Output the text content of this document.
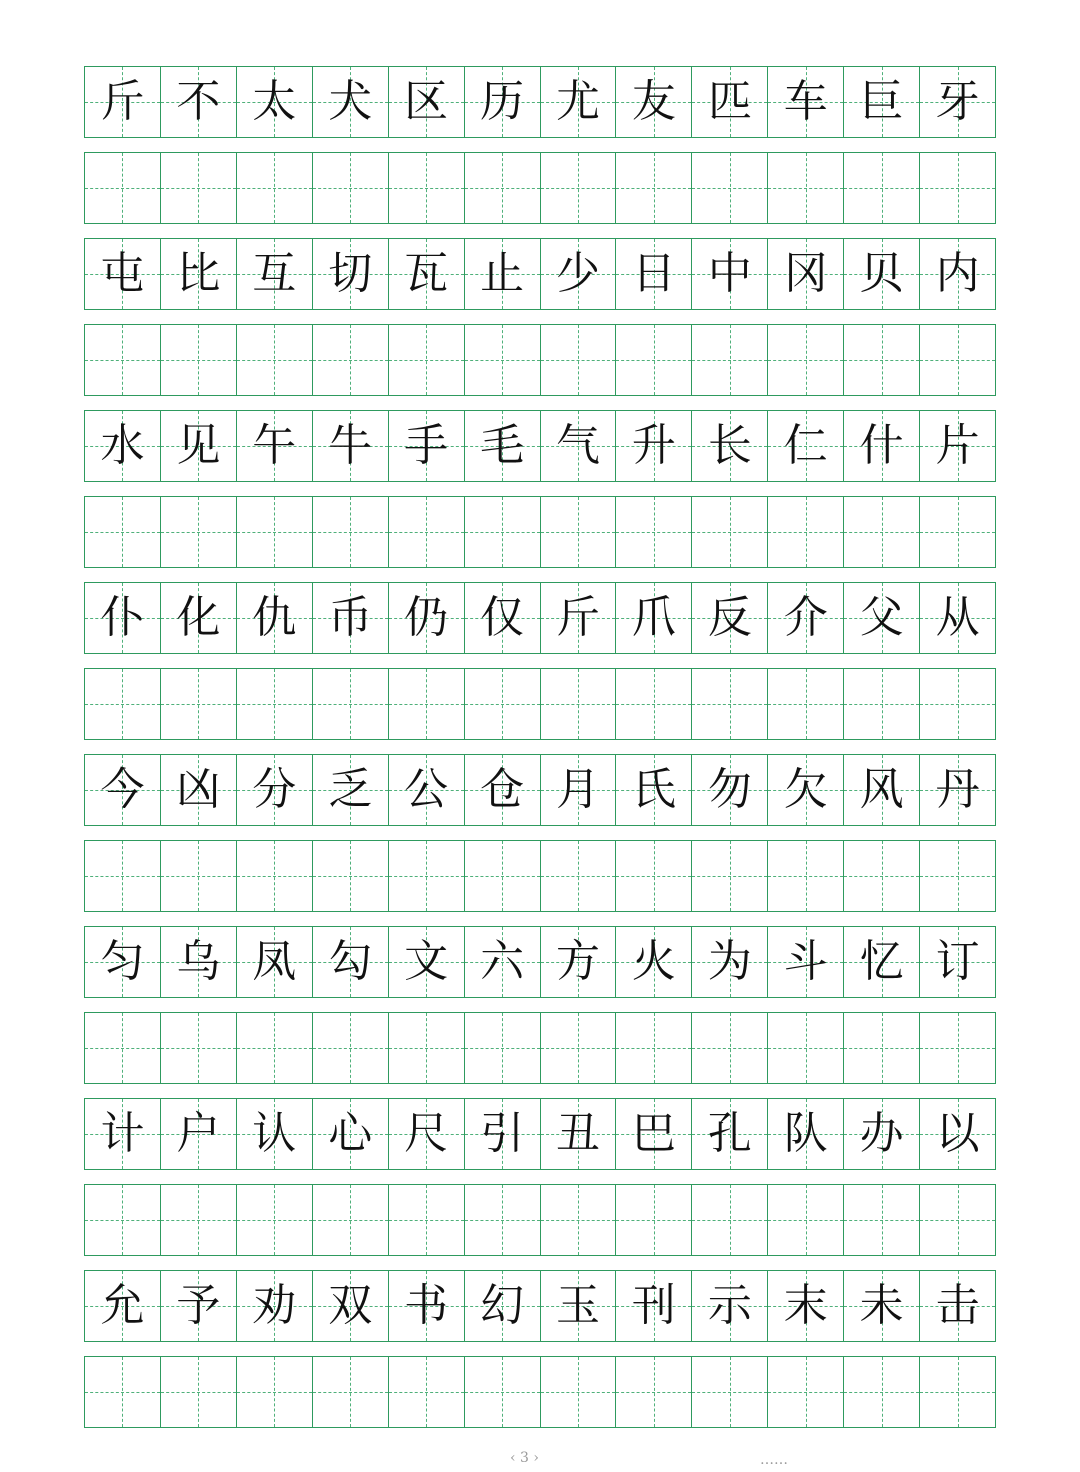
斤 不 太 犬 区 历 尤 友 匹 车 巨 牙
屯 比 互 切 瓦 止 少 日 中 冈 贝 内
水 见 午 牛 手 毛 气 升 长 仁 什 片
仆 化 仇 币 仍 仅 斤 爪 反 介 父 从
今 凶 分 乏 公 仓 月 氏 勿 欠 风 丹
匀 乌 凤 勾 文 六 方 火 为 斗 忆 订
计 户 认 心 尺 引 丑 巴 孔 队 办 以
允 予 劝 双 书 幻 玉 刊 示 末 未 击
‹ 3 ›	……
